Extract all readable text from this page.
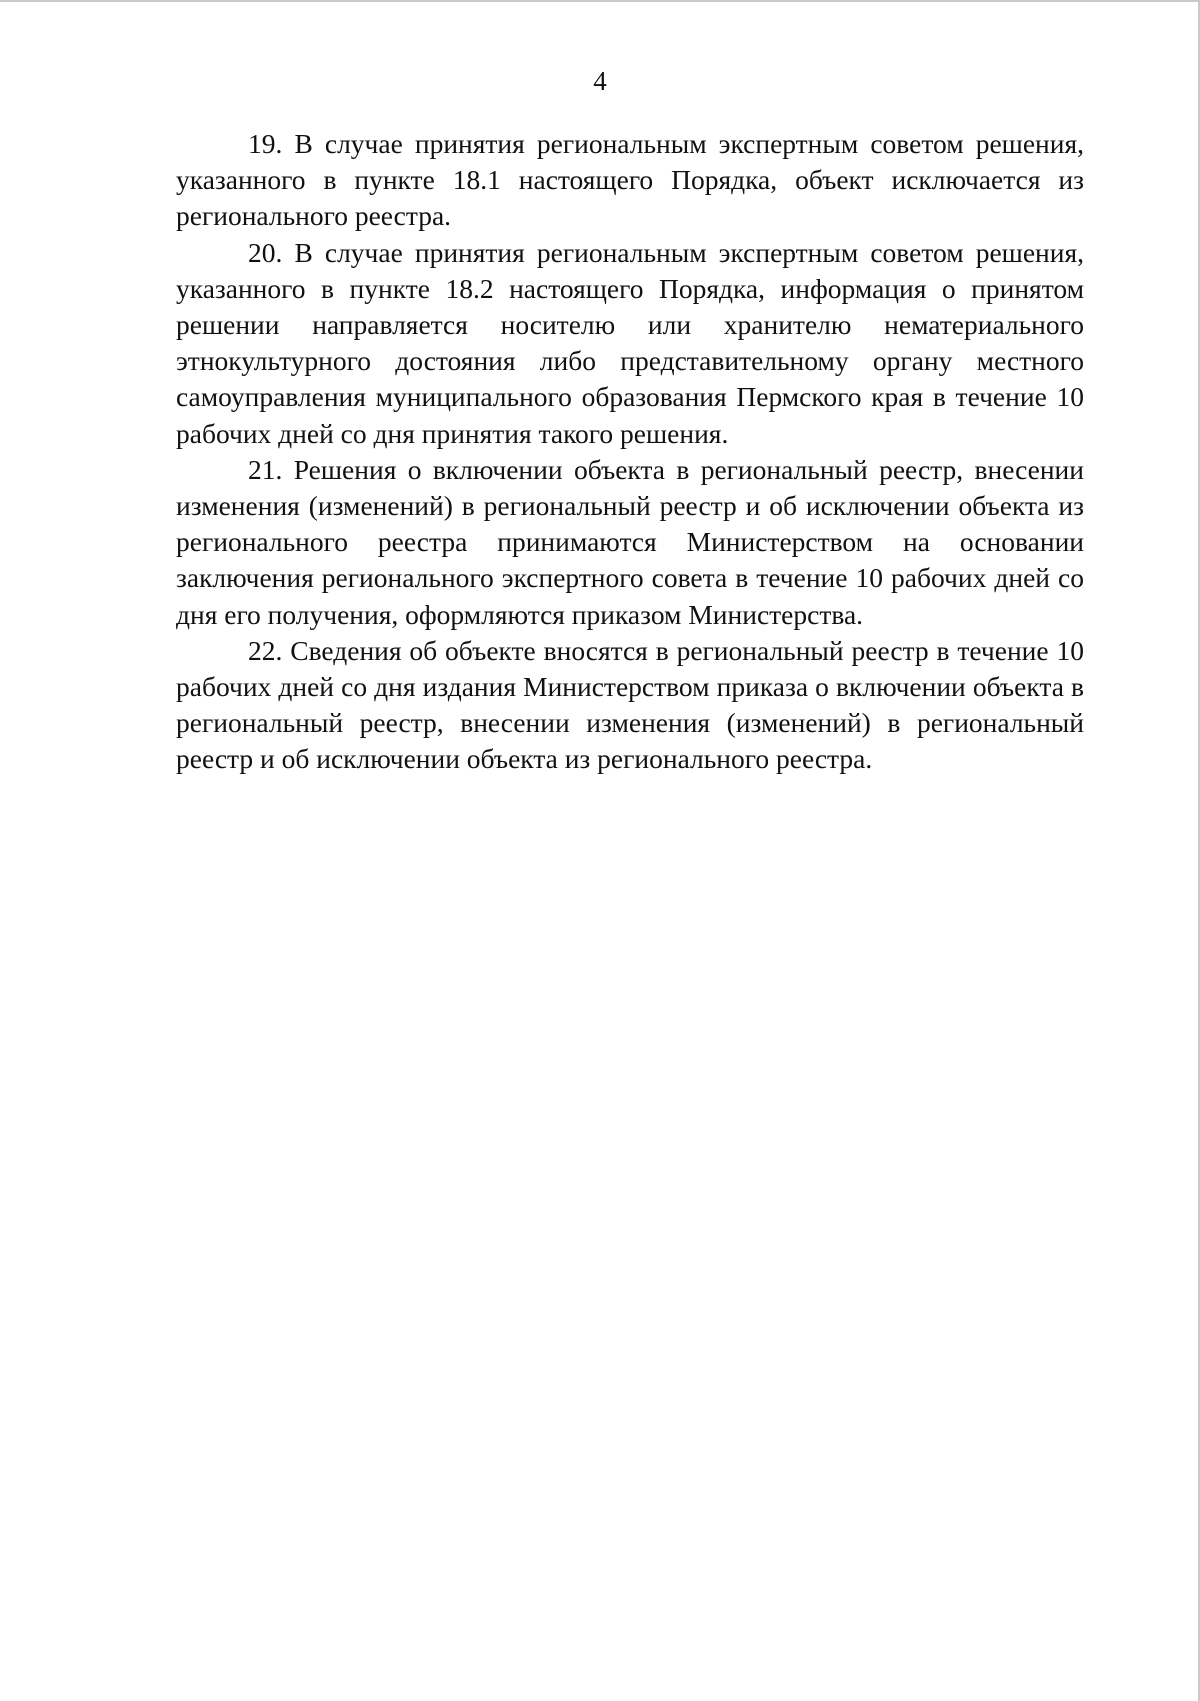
4

19. В случае принятия региональным экспертным советом решения, указанного в пункте 18.1 настоящего Порядка, объект исключается из регионального реестра.

20. В случае принятия региональным экспертным советом решения, указанного в пункте 18.2 настоящего Порядка, информация о принятом решении направляется носителю или хранителю нематериального этнокультурного достояния либо представительному органу местного самоуправления муниципального образования Пермского края в течение 10 рабочих дней со дня принятия такого решения.

21. Решения о включении объекта в региональный реестр, внесении изменения (изменений) в региональный реестр и об исключении объекта из регионального реестра принимаются Министерством на основании заключения регионального экспертного совета в течение 10 рабочих дней со дня его получения, оформляются приказом Министерства.

22. Сведения об объекте вносятся в региональный реестр в течение 10 рабочих дней со дня издания Министерством приказа о включении объекта в региональный реестр, внесении изменения (изменений) в региональный реестр и об исключении объекта из регионального реестра.
